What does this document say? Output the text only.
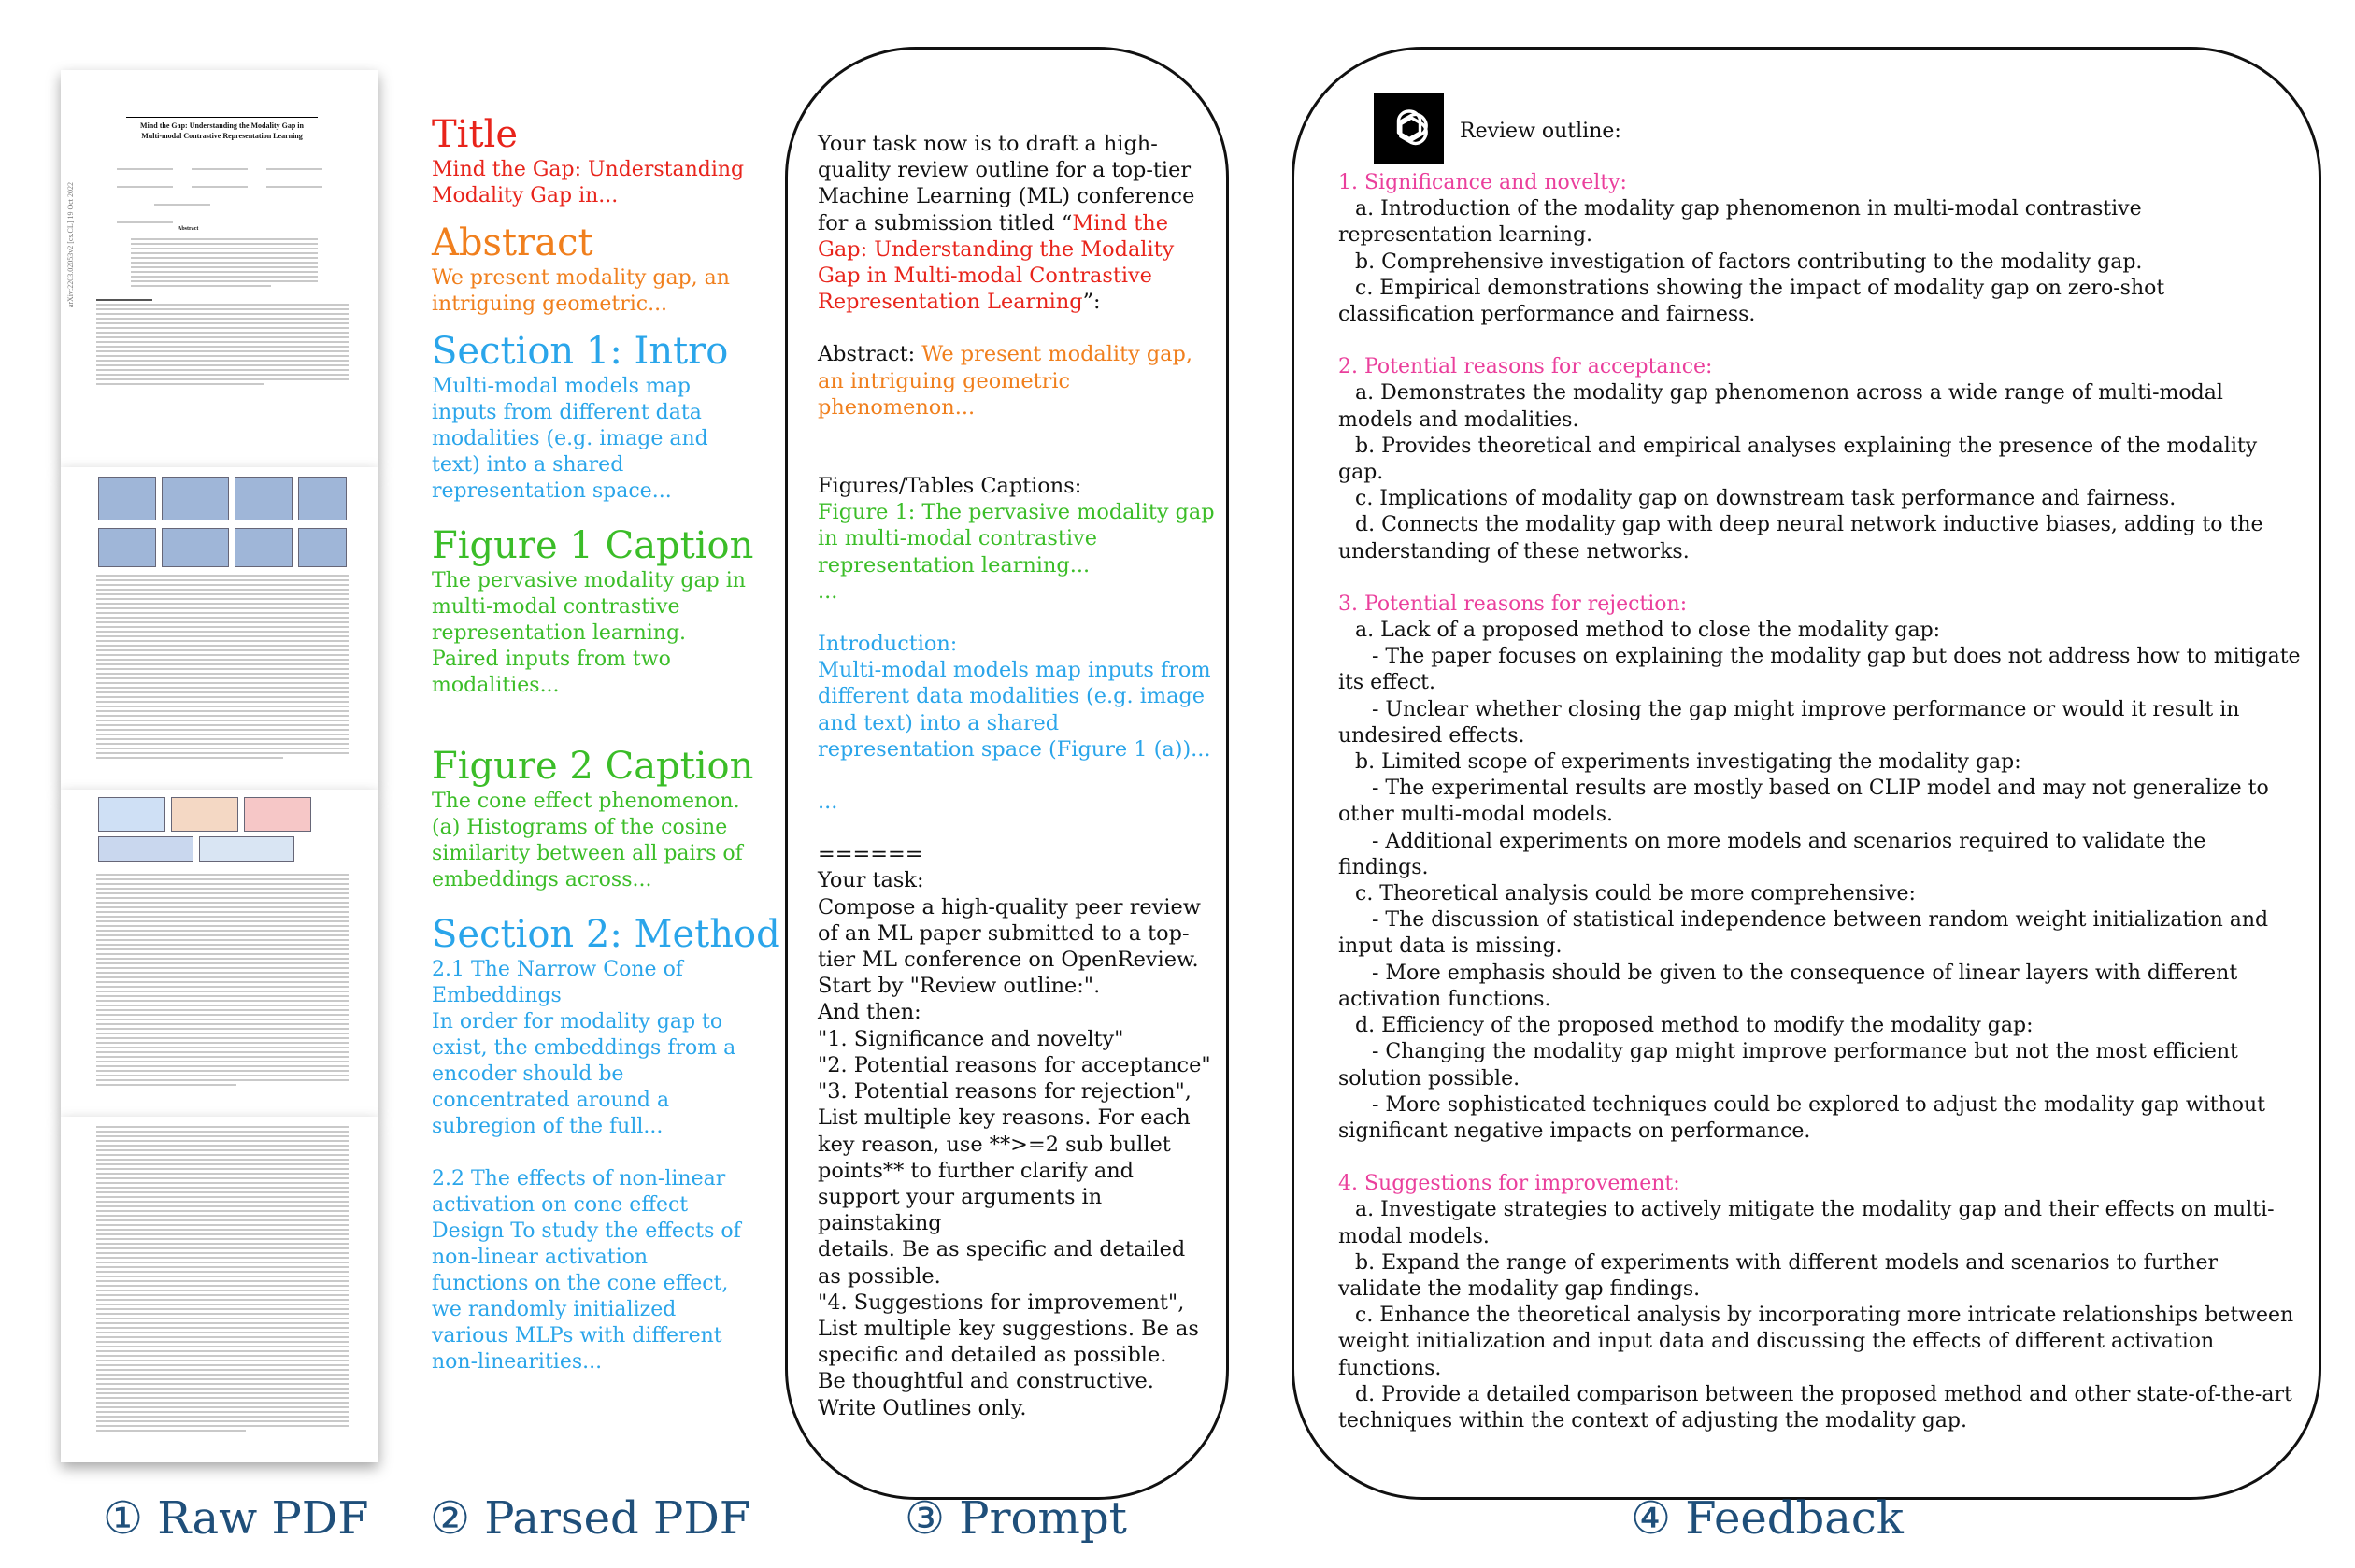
Mind the Gap: Understanding the Modality Gap in
Multi-modal Contrastive Representation Learning
arXiv:2203.02053v2 [cs.CL] 19 Oct 2022
	Abstract
Title
Mind the Gap: Understanding Modality Gap in...
Abstract
We present modality gap, an intriguing geometric...
Section 1: Intro
Multi-modal models map inputs from different data modalities (e.g. image and text) into a shared representation space...
Figure 1 Caption
The pervasive modality gap in multi-modal contrastive representation learning. Paired inputs from two modalities...
Figure 2 Caption
The cone effect phenomenon. (a) Histograms of the cosine similarity between all pairs of embeddings across...
Section 2: Method
2.1 The Narrow Cone of Embeddings
In order for modality gap to exist, the embeddings from a encoder should be concentrated around a subregion of the full...
2.2 The effects of non-linear activation on cone effect
Design To study the effects of non-linear activation functions on the cone effect, we randomly initialized various MLPs with different non-linearities...

Your task now is to draft a high-quality review outline for a top-tier Machine Learning (ML) conference for a submission titled “Mind the Gap: Understanding the Modality Gap in Multi-modal Contrastive Representation Learning”:

Abstract: We present modality gap, an intriguing geometric phenomenon...

Figures/Tables Captions:

Figure 1: The pervasive modality gap in multi-modal contrastive representation learning...

...

Introduction:

Multi-modal models map inputs from different data modalities (e.g. image and text) into a shared representation space (Figure 1 (a))...

...

======

Your task:

Compose a high-quality peer review of an ML paper submitted to a top-tier ML conference on OpenReview.

Start by "Review outline:".

And then:

"1. Significance and novelty"

"2. Potential reasons for acceptance"

"3. Potential reasons for rejection", List multiple key reasons. For each key reason, use **>=2 sub bullet points** to further clarify and support your arguments in painstaking

details. Be as specific and detailed as possible.

"4. Suggestions for improvement", List multiple key suggestions. Be as specific and detailed as possible.

Be thoughtful and constructive. Write Outlines only.

Review outline:
1. Significance and novelty:
a. Introduction of the modality gap phenomenon in multi-modal contrastive representation learning.
b. Comprehensive investigation of factors contributing to the modality gap.
c. Empirical demonstrations showing the impact of modality gap on zero-shot classification performance and fairness.
2. Potential reasons for acceptance:
a. Demonstrates the modality gap phenomenon across a wide range of multi-modal models and modalities.
b. Provides theoretical and empirical analyses explaining the presence of the modality gap.
c. Implications of modality gap on downstream task performance and fairness.
d. Connects the modality gap with deep neural network inductive biases, adding to the understanding of these networks.
3. Potential reasons for rejection:
a. Lack of a proposed method to close the modality gap:
- The paper focuses on explaining the modality gap but does not address how to mitigate its effect.
- Unclear whether closing the gap might improve performance or would it result in undesired effects.
b. Limited scope of experiments investigating the modality gap:
- The experimental results are mostly based on CLIP model and may not generalize to other multi-modal models.
- Additional experiments on more models and scenarios required to validate the findings.
c. Theoretical analysis could be more comprehensive:
- The discussion of statistical independence between random weight initialization and input data is missing.
- More emphasis should be given to the consequence of linear layers with different activation functions.
d. Efficiency of the proposed method to modify the modality gap:
- Changing the modality gap might improve performance but not the most efficient solution possible.
- More sophisticated techniques could be explored to adjust the modality gap without significant negative impacts on performance.
4. Suggestions for improvement:
a. Investigate strategies to actively mitigate the modality gap and their effects on multi-modal models.
b. Expand the range of experiments with different models and scenarios to further validate the modality gap findings.
c. Enhance the theoretical analysis by incorporating more intricate relationships between weight initialization and input data and discussing the effects of different activation functions.
d. Provide a detailed comparison between the proposed method and other state-of-the-art techniques within the context of adjusting the modality gap.
① Raw PDF ② Parsed PDF	③ Prompt	④ Feedback
